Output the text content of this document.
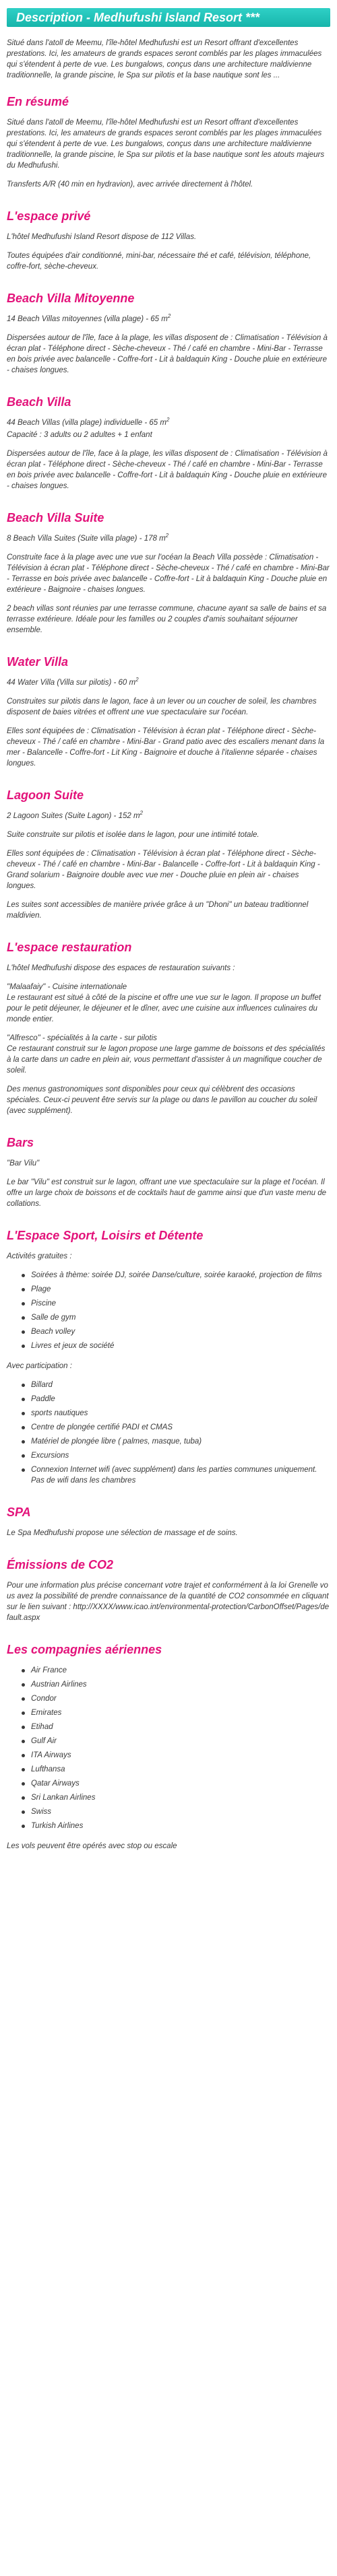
Description - Medhufushi Island Resort ***

Situé dans l'atoll de Meemu, l'île-hôtel Medhufushi est un Resort offrant d'excellentes prestations. Ici, les amateurs de grands espaces seront comblés par les plages immaculées qui s'étendent à perte de vue. Les bungalows, conçus dans une architecture maldivienne traditionnelle, la grande piscine, le Spa sur pilotis et la base nautique sont les ...

En résumé

Situé dans l'atoll de Meemu, l'île-hôtel Medhufushi est un Resort offrant d'excellentes prestations. Ici, les amateurs de grands espaces seront comblés par les plages immaculées qui s'étendent à perte de vue. Les bungalows, conçus dans une architecture maldivienne traditionnelle, la grande piscine, le Spa sur pilotis et la base nautique sont les atouts majeurs du Medhufushi.

Transferts A/R (40 min en hydravion), avec arrivée directement à l'hôtel.

L'espace privé

L'hôtel Medhufushi Island Resort dispose de 112 Villas.

Toutes équipées d'air conditionné, mini-bar, nécessaire thé et café, télévision, téléphone, coffre-fort, sèche-cheveux.

Beach Villa Mitoyenne

14 Beach Villas mitoyennes (villa plage) - 65 $m^2$

Dispersées autour de l'île, face à la plage, les villas disposent de : Climatisation - Télévision à écran plat - Téléphone direct - Sèche-cheveux - Thé / café en chambre - Mini-Bar - Terrasse en bois privée avec balancelle - Coffre-fort - Lit à baldaquin King - Douche pluie en extérieure - chaises longues.

Beach Villa

44 Beach Villas (villa plage) individuelle - 65 $m^2$

Capacité : 3 adults ou 2 adultes + 1 enfant

Dispersées autour de l'île, face à la plage, les villas disposent de : Climatisation - Télévision à écran plat - Téléphone direct - Sèche-cheveux - Thé / café en chambre - Mini-Bar - Terrasse en bois privée avec balancelle - Coffre-fort - Lit à baldaquin King - Douche pluie en extérieure - chaises longues.

Beach Villa Suite

8 Beach Villa Suites (Suite villa plage) - 178 $m^2$

Construite face à la plage avec une vue sur l'océan la Beach Villa possède : Climatisation - Télévision à écran plat - Téléphone direct - Sèche-cheveux - Thé / café en chambre - Mini-Bar - Terrasse en bois privée avec balancelle - Coffre-fort - Lit à baldaquin King - Douche pluie en extérieure - Baignoire - chaises longues.

2 beach villas sont réunies par une terrasse commune, chacune ayant sa salle de bains et sa terrasse extérieure. Idéale pour les familles ou 2 couples d'amis souhaitant séjourner ensemble.

Water Villa

44 Water Villa (Villa sur pilotis) - 60 $m^2$

Construites sur pilotis dans le lagon, face à un lever ou un coucher de soleil, les chambres disposent de baies vitrées et offrent une vue spectaculaire sur l'océan.

Elles sont équipées de : Climatisation - Télévision à écran plat - Téléphone direct - Sèche-cheveux - Thé / café en chambre - Mini-Bar - Grand patio avec des escaliers menant dans la mer - Balancelle - Coffre-fort - Lit King - Baignoire et douche à l'italienne séparée - chaises longues.

Lagoon Suite

2 Lagoon Suites (Suite Lagon) - 152 $m^2$

Suite construite sur pilotis et isolée dans le lagon, pour une intimité totale.

Elles sont équipées de : Climatisation - Télévision à écran plat - Téléphone direct - Sèche-cheveux - Thé / café en chambre - Mini-Bar - Balancelle - Coffre-fort - Lit à baldaquin King - Grand solarium - Baignoire double avec vue mer - Douche pluie en plein air - chaises longues.

Les suites sont accessibles de manière privée grâce à un "Dhoni" un bateau traditionnel maldivien.

L'espace restauration

L'hôtel Medhufushi dispose des espaces de restauration suivants :

"Malaafaiy" - Cuisine internationale
Le restaurant est situé à côté de la piscine et offre une vue sur le lagon. Il propose un buffet pour le petit déjeuner, le déjeuner et le dîner, avec une cuisine aux influences culinaires du monde entier.

"Alfresco" - spécialités à la carte - sur pilotis
Ce restaurant construit sur le lagon propose une large gamme de boissons et des spécialités à la carte dans un cadre en plein air, vous permettant d'assister à un magnifique coucher de soleil.

Des menus gastronomiques sont disponibles pour ceux qui célèbrent des occasions spéciales. Ceux-ci peuvent être servis sur la plage ou dans le pavillon au coucher du soleil (avec supplément).

Bars

"Bar Vilu"

Le bar "Vilu" est construit sur le lagon, offrant une vue spectaculaire sur la plage et l'océan. Il offre un large choix de boissons et de cocktails haut de gamme ainsi que d'un vaste menu de collations.

L'Espace Sport, Loisirs et Détente

Activités gratuites :

Soirées à thème: soirée DJ, soirée Danse/culture, soirée karaoké, projection de films
Plage
Piscine
Salle de gym
Beach volley
Livres et jeux de société

Avec participation :

Billard
Paddle
sports nautiques
Centre de plongée certifié PADI et CMAS
Matériel de plongée libre ( palmes, masque, tuba)
Excursions
Connexion Internet wifi (avec supplément) dans les parties communes uniquement. Pas de wifi dans les chambres
SPA

Le Spa Medhufushi propose une sélection de massage et de soins.

Émissions de CO2

Pour une information plus précise concernant votre trajet et conformément à la loi Grenelle vous avez la possibilité de prendre connaissance de la quantité de CO2 consommée en cliquant sur le lien suivant : http://XXXX/www.icao.int/environmental-protection/CarbonOffset/Pages/default.aspx

Les compagnies aériennes
Air France
Austrian Airlines
Condor
Emirates
Etihad
Gulf Air
ITA Airways
Lufthansa
Qatar Airways
Sri Lankan Airlines
Swiss
Turkish Airlines

Les vols peuvent être opérés avec stop ou escale
